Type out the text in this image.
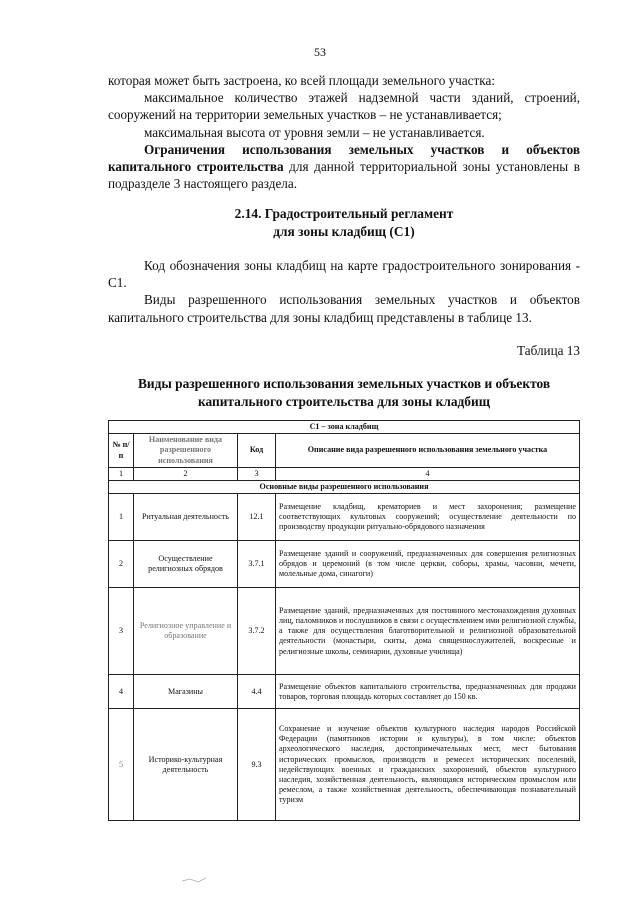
53

которая может быть застроена, ко всей площади земельного участка:

максимальное количество этажей надземной части зданий, строений, сооружений на территории земельных участков – не устанавливается;

максимальная высота от уровня земли – не устанавливается.

Ограничения использования земельных участков и объектов капитального строительства для данной территориальной зоны установлены в подразделе 3 настоящего раздела.

2.14. Градостроительный регламент

для зоны кладбищ (С1)

Код обозначения зоны кладбищ на карте градостроительного зонирования - С1.

Виды разрешенного использования земельных участков и объектов капитального строительства для зоны кладбищ представлены в таблице 13.

Таблица 13

Виды разрешенного использования земельных участков и объектов

капитального строительства для зоны кладбищ

С1 – зона кладбищ			
№ п/п	Наименование вида разрешенного использования	Код	Описание вида разрешенного использования земельного участка
1	2	3	4
Основные виды разрешенного использования			
1	Ритуальная деятельность	12.1	Размещение кладбищ, крематориев и мест захоронения; размещение соответствующих культовых сооружений; осуществление деятельности по производству продукции ритуально-обрядового назначения
2	Осуществление религиозных обрядов	3.7.1	Размещение зданий и сооружений, предназначенных для совершения религиозных обрядов и церемоний (в том числе церкви, соборы, храмы, часовни, мечети, молельные дома, синагоги)
3	Религиозное управление и образование	3.7.2	Размещение зданий, предназначенных для постоянного местонахождения духовных лиц, паломников и послушников в связи с осуществлением ими религиозной службы, а также для осуществления благотворительной и религиозной образовательной деятельности (монастыри, скиты, дома священнослужителей, воскресные и религиозные школы, семинарии, духовные училища)
4	Магазины	4.4	Размещение объектов капитального строительства, предназначенных для продажи товаров, торговая площадь которых составляет до 150 кв.
5	Историко-культурная деятельность	9.3	Сохранение и изучение объектов культурного наследия народов Российской Федерации (памятников истории и культуры), в том числе: объектов археологического наследия, достопримечательных мест, мест бытования исторических промыслов, производств и ремесел исторических поселений, недействующих военных и гражданских захоронений, объектов культурного наследия, хозяйственная деятельность, являющаяся историческим промыслом или ремеслом, а также хозяйственная деятельность, обеспечивающая познавательный туризм
